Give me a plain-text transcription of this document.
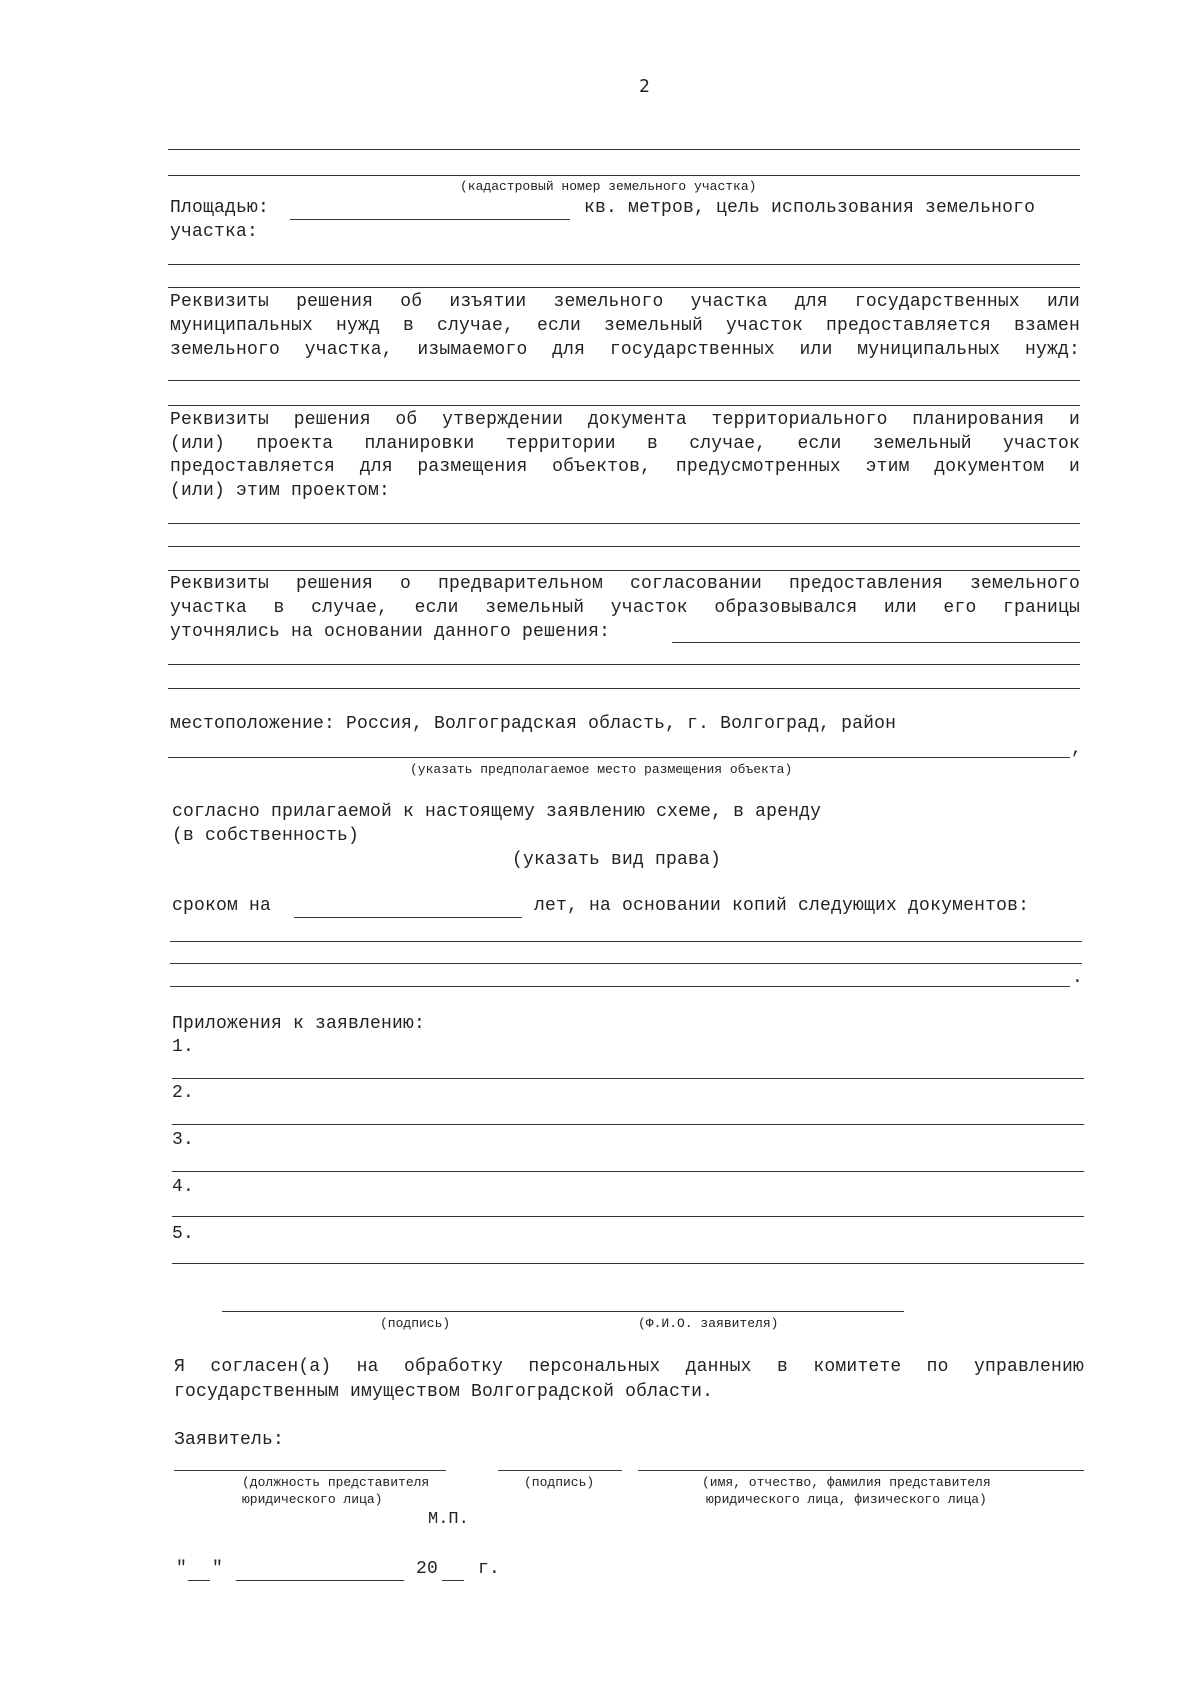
2
(кадастровый номер земельного участка)
Площадью:	кв. метров, цель использования земельного
участка:
Реквизиты решения об изъятии земельного участка для государственных или
муниципальных нужд в случае, если земельный участок предоставляется взамен
земельного участка, изымаемого для государственных или муниципальных нужд:
Реквизиты решения об утверждении документа территориального планирования и
(или) проекта планировки территории в случае, если земельный участок
предоставляется для размещения объектов, предусмотренных этим документом и
(или) этим проектом:
Реквизиты решения о предварительном согласовании предоставления земельного
участка в случае, если земельный участок образовывался или его границы
уточнялись на основании данного решения:
местоположение: Россия, Волгоградская область, г. Волгоград, район
,
(указать предполагаемое место размещения объекта)
согласно прилагаемой к настоящему заявлению схеме, в аренду
(в собственность)
(указать вид права)
сроком на	лет, на основании копий следующих документов:
.
Приложения к заявлению:
1.
2.
3.
4.
5.
(подпись)	(Ф.И.О. заявителя)
Я согласен(а) на обработку персональных данных в комитете по управлению
государственным имуществом Волгоградской области.
Заявитель:
(должность представителя
юридического лица)
(подпись)	(имя, отчество, фамилия представителя
юридического лица, физического лица)
М.П.
" "	20 г.
